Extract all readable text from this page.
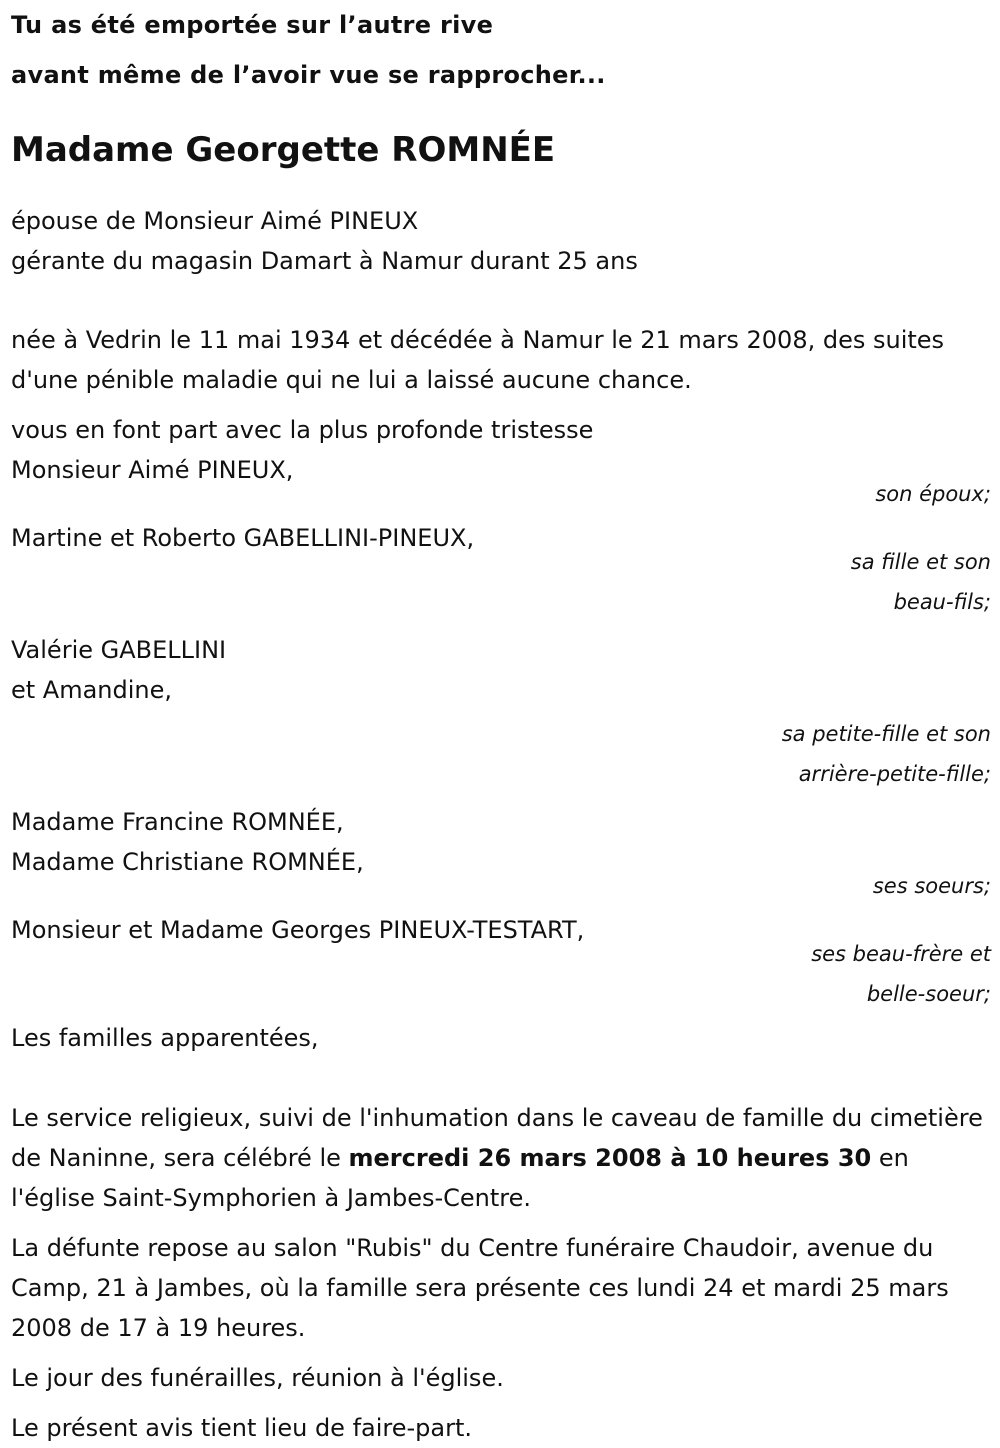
Tu as été emportée sur l’autre rive
avant même de l’avoir vue se rapprocher...
Madame Georgette ROMNÉE
épouse de Monsieur Aimé PINEUX
gérante du magasin Damart à Namur durant 25 ans
née à Vedrin le 11 mai 1934 et décédée à Namur le 21 mars 2008, des suites d'une pénible maladie qui ne lui a laissé aucune chance.
vous en font part avec la plus profonde tristesse
Monsieur Aimé PINEUX,
son époux;
Martine et Roberto GABELLINI-PINEUX,
sa fille et son
beau-fils;
Valérie GABELLINI
et Amandine,
sa petite-fille et son
arrière-petite-fille;
Madame Francine ROMNÉE,
Madame Christiane ROMNÉE,
ses soeurs;
Monsieur et Madame Georges PINEUX-TESTART,
ses beau-frère et
belle-soeur;
Les familles apparentées,
Le service religieux, suivi de l'inhumation dans le caveau de famille du cimetière de Naninne, sera célébré le mercredi 26 mars 2008 à 10 heures 30 en l'église Saint-Symphorien à Jambes-Centre.
La défunte repose au salon "Rubis" du Centre funéraire Chaudoir, avenue du Camp, 21 à Jambes, où la famille sera présente ces lundi 24 et mardi 25 mars 2008 de 17 à 19 heures.
Le jour des funérailles, réunion à l'église.
Le présent avis tient lieu de faire-part.
